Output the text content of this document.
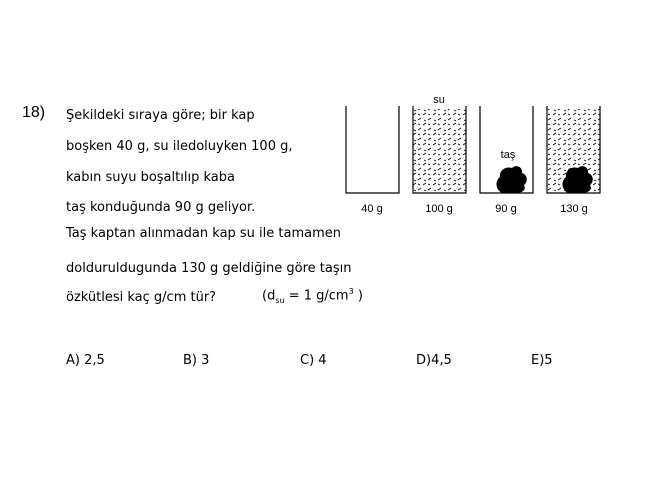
18) Şekildeki sıraya göre; bir kap
boşken 40 g, su iledoluyken 100 g,
kabın suyu boşaltılıp kaba
taş konduğunda 90 g geliyor.
Taş kaptan alınmadan kap su ile tamamen
dolduruldugunda 130 g geldiğine göre taşın
özkütlesi kaç g/cm tür?	($d_{su} = 1$ $g/cm^3$ )
su
taş
40 g	100 g	90 g	130 g
A) 2,5	B) 3	C) 4	D)4,5	E)5
